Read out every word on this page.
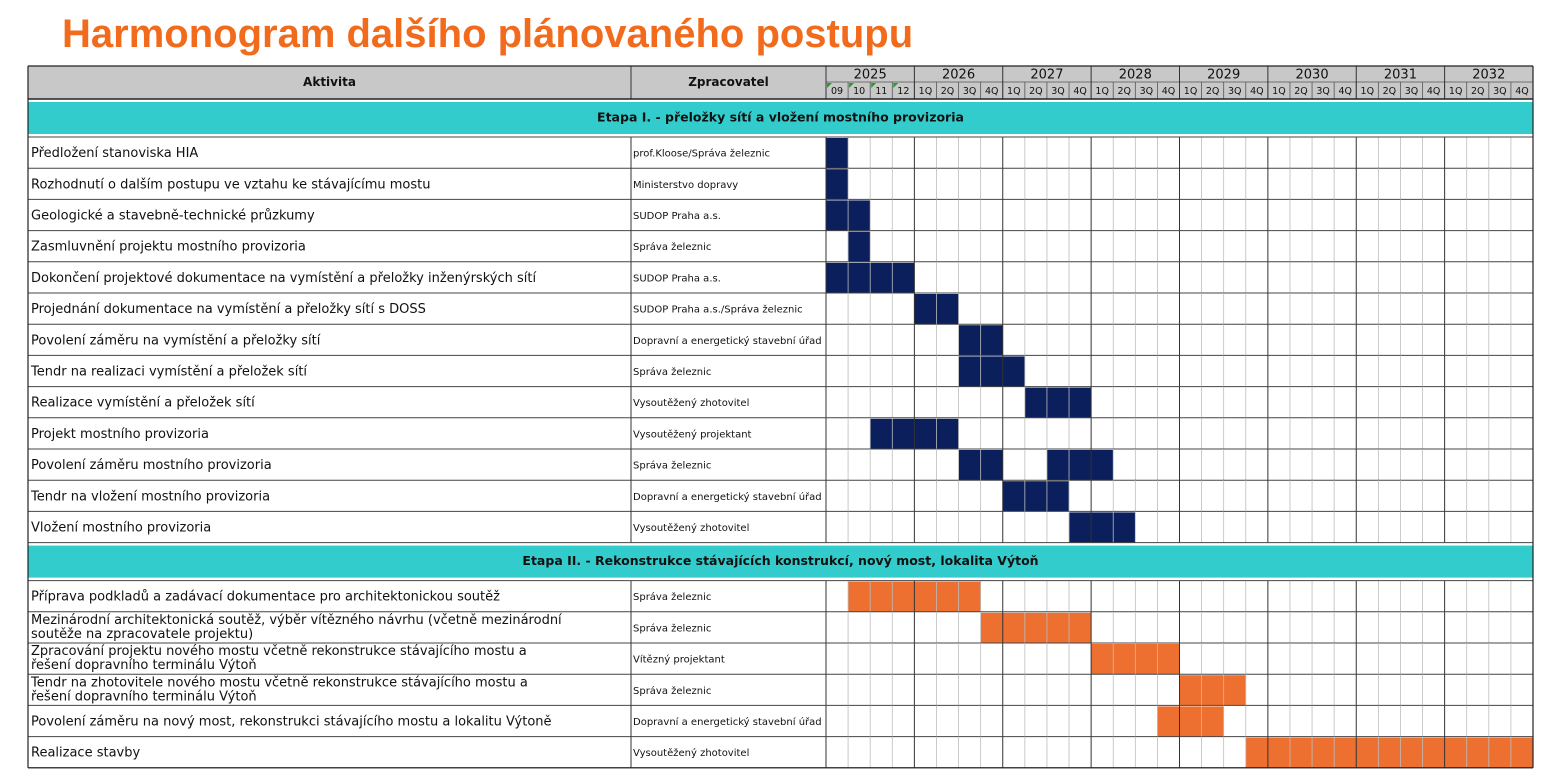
Harmonogram dalšího plánovaného postupu
Aktivita	Zpracovatel	2025	2026	2027	2028	2029	2030	2031	2032
09 10 11 12 1Q 2Q 3Q 4Q 1Q 2Q 3Q 4Q 1Q 2Q 3Q 4Q 1Q 2Q 3Q 4Q 1Q 2Q 3Q 4Q 1Q 2Q 3Q 4Q 1Q 2Q 3Q 4Q
Etapa I. - přeložky sítí a vložení mostního provizoria
Předložení stanoviska HIA	prof.Kloose/Správa železnic
Rozhodnutí o dalším postupu ve vztahu ke stávajícímu mostu	Ministerstvo dopravy
Geologické a stavebně-technické průzkumy	SUDOP Praha a.s.
Zasmluvnění projektu mostního provizoria	Správa železnic
Dokončení projektové dokumentace na vymístění a přeložky inženýrských sítí	SUDOP Praha a.s.
Projednání dokumentace na vymístění a přeložky sítí s DOSS	SUDOP Praha a.s./Správa železnic
Povolení záměru na vymístění a přeložky sítí	Dopravní a energetický stavební úřad
Tendr na realizaci vymístění a přeložek sítí	Správa železnic
Realizace vymístění a přeložek sítí	Vysoutěžený zhotovitel
Projekt mostního provizoria	Vysoutěžený projektant
Povolení záměru mostního provizoria	Správa železnic
Tendr na vložení mostního provizoria	Dopravní a energetický stavební úřad
Vložení mostního provizoria	Vysoutěžený zhotovitel
Etapa II. - Rekonstrukce stávajících konstrukcí, nový most, lokalita Výtoň
Příprava podkladů a zadávací dokumentace pro architektonickou soutěž	Správa železnic
Mezinárodní architektonická soutěž, výběr vítězného návrhu (včetně mezinárodní
soutěže na zpracovatele projektu)	Správa železnic
Zpracování projektu nového mostu včetně rekonstrukce stávajícího mostu a
řešení dopravního terminálu Výtoň	Vítězný projektant
Tendr na zhotovitele nového mostu včetně rekonstrukce stávajícího mostu a
řešení dopravního terminálu Výtoň	Správa železnic
Povolení záměru na nový most, rekonstrukci stávajícího mostu a lokalitu Výtoně	Dopravní a energetický stavební úřad
Realizace stavby	Vysoutěžený zhotovitel
